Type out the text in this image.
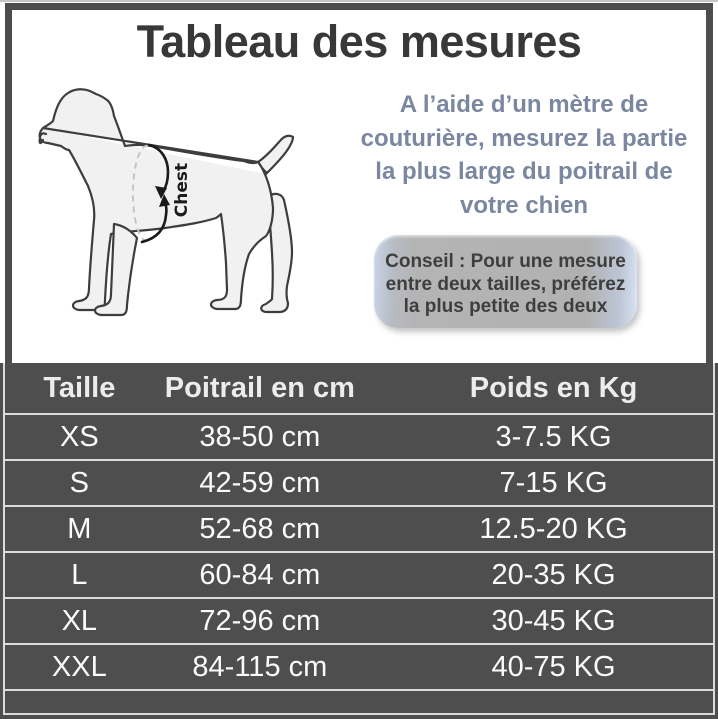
Tableau des mesures
Chest
A l’aide d’un mètre de
couturière, mesurez la partie
la plus large du poitrail de
votre chien
Conseil : Pour une mesure
entre deux tailles, préférez
la plus petite des deux
Taille	Poitrail en cm	Poids en Kg
XS	38-50 cm	3-7.5 KG
S	42-59 cm	7-15 KG
M	52-68 cm	12.5-20 KG
L	60-84 cm	20-35 KG
XL	72-96 cm	30-45 KG
XXL	84-115 cm	40-75 KG
